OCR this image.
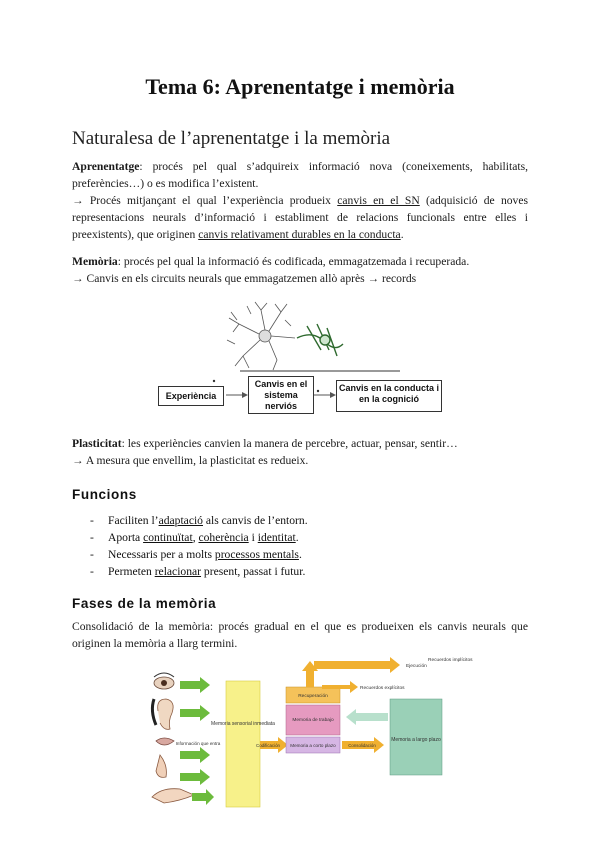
Tema 6: Aprenentatge i memòria
Naturalesa de l’aprenentatge i la memòria

Aprenentatge: procés pel qual s’adquireix informació nova (coneixements, habilitats, preferències…) o es modifica l’existent.
→ Procés mitjançant el qual l’experiència produeix canvis en el SN (adquisició de noves representacions neurals d’informació i establiment de relacions funcionals entre elles i preexistents), que originen canvis relativament durables en la conducta.

Memòria: procés pel qual la informació és codificada, emmagatzemada i recuperada.
→ Canvis en els circuits neurals que emmagatzemen allò après → records

Experiència
Canvis en el sistema nerviós
Canvis en la conducta i en la cognició

Plasticitat: les experiències canvien la manera de percebre, actuar, pensar, sentir…
→ A mesura que envellim, la plasticitat es redueix.

Funcions
- Faciliten l’adaptació als canvis de l’entorn.
- Aporta continuïtat, coherència i identitat.
- Necessaris per a molts processos mentals.
- Permeten relacionar present, passat i futur.
Fases de la memòria

Consolidació de la memòria: procés gradual en el que es produeixen els canvis neurals que originen la memòria a llarg termini.

Memoria sensorial inmediata
Información que entra	Codificación
Recuperación
Memoria de trabajo
Memoria a corto plazo	Consolidación
Memoria a largo plazo
Ejecución
Recuerdos implícitos
Recuerdos explícitos
